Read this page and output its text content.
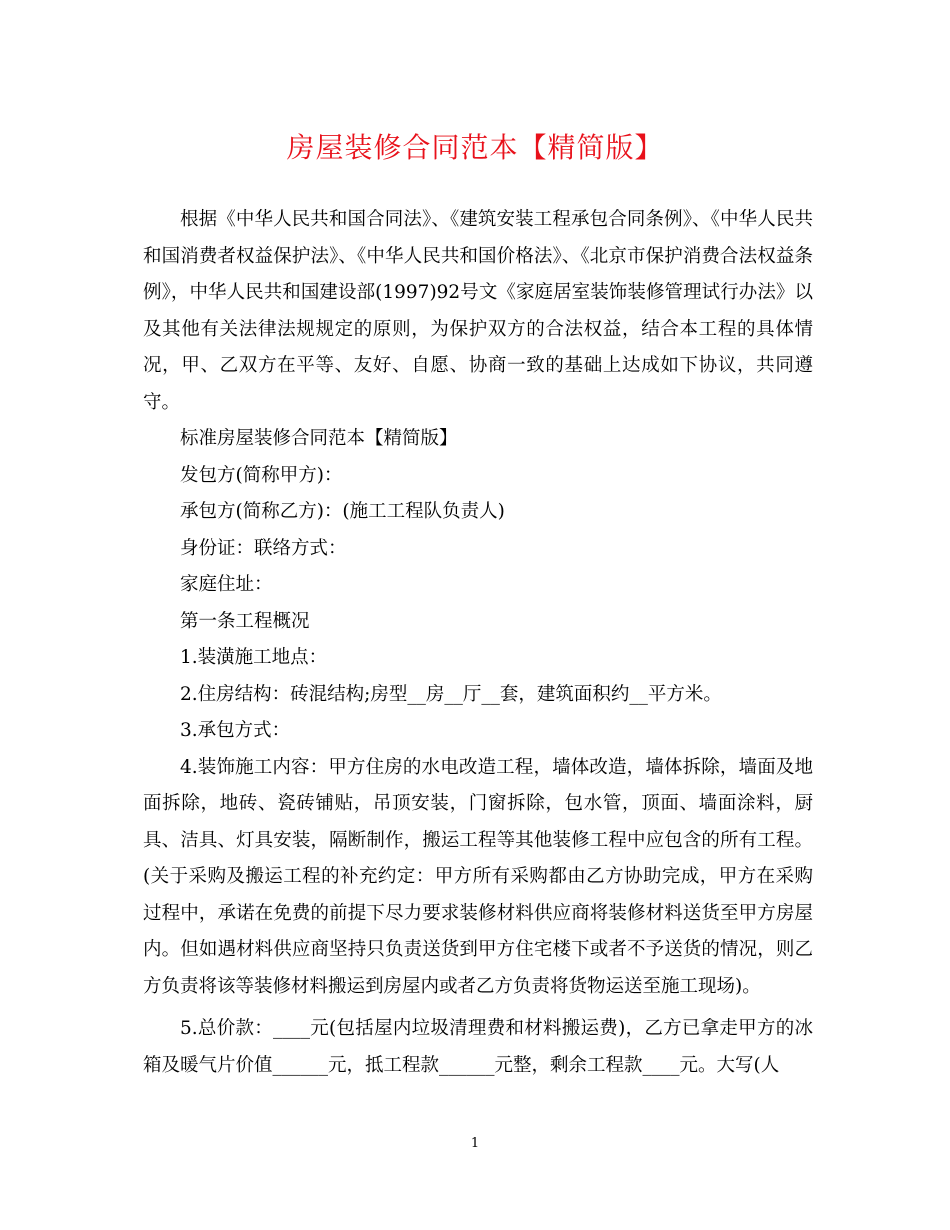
房屋装修合同范本【精简版】

根据《中华人民共和国合同法》、《建筑安装工程承包合同条例》、《中华人民共和国消费者权益保护法》、《中华人民共和国价格法》、《北京市保护消费合法权益条例》，中华人民共和国建设部(1997)92号文《家庭居室装饰装修管理试行办法》以及其他有关法律法规规定的原则，为保护双方的合法权益，结合本工程的具体情况，甲、乙双方在平等、友好、自愿、协商一致的基础上达成如下协议，共同遵守。

标准房屋装修合同范本【精简版】

发包方(简称甲方)：

承包方(简称乙方)：(施工工程队负责人)

身份证：联络方式：

家庭住址：

第一条工程概况

1.装潢施工地点：

2.住房结构：砖混结构;房型__房__厅__套，建筑面积约__平方米。

3.承包方式：

4.装饰施工内容：甲方住房的水电改造工程，墙体改造，墙体拆除，墙面及地面拆除，地砖、瓷砖铺贴，吊顶安装，门窗拆除，包水管，顶面、墙面涂料，厨具、洁具、灯具安装，隔断制作，搬运工程等其他装修工程中应包含的所有工程。(关于采购及搬运工程的补充约定：甲方所有采购都由乙方协助完成，甲方在采购过程中，承诺在免费的前提下尽力要求装修材料供应商将装修材料送货至甲方房屋内。但如遇材料供应商坚持只负责送货到甲方住宅楼下或者不予送货的情况，则乙方负责将该等装修材料搬运到房屋内或者乙方负责将货物运送至施工现场)。

5.总价款：____元(包括屋内垃圾清理费和材料搬运费)，乙方已拿走甲方的冰箱及暖气片价值______元，抵工程款______元整，剩余工程款____元。大写(人

1
